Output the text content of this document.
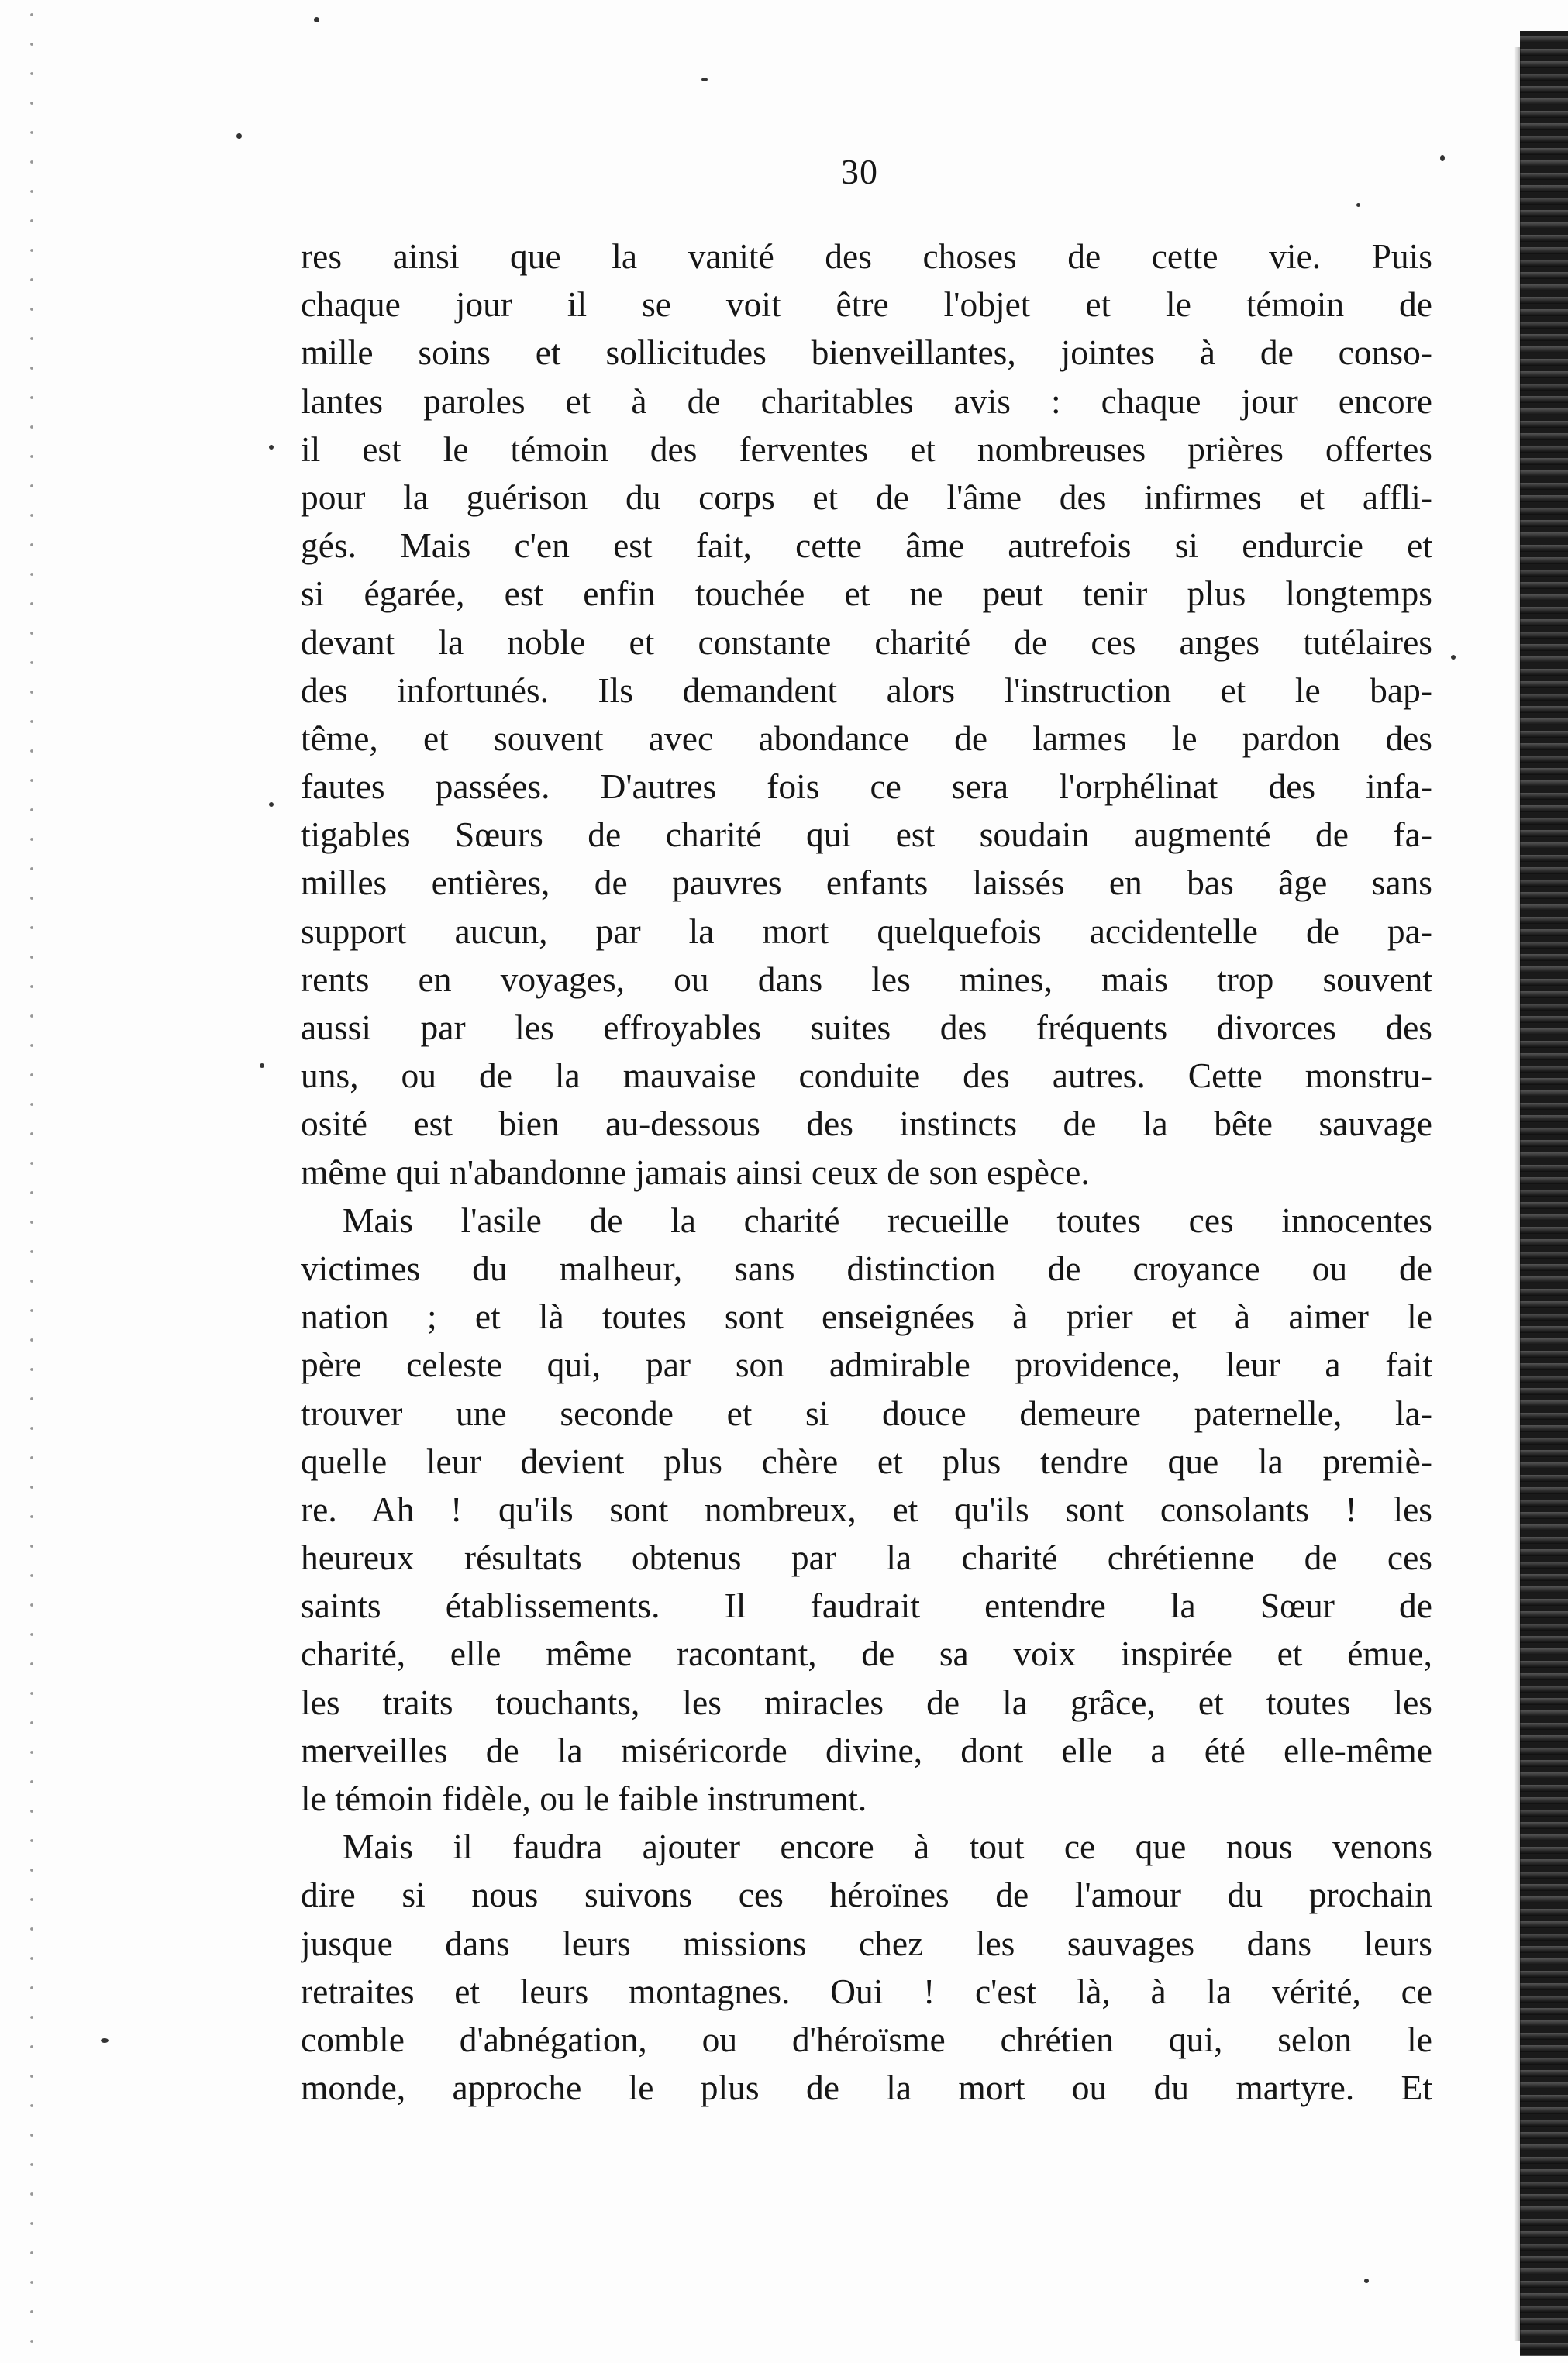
30
res ainsi que la vanité des choses de cette vie. Puis
chaque jour il se voit être l'objet et le témoin de
mille soins et sollicitudes bienveillantes, jointes à de conso-
lantes paroles et à de charitables avis : chaque jour encore
il est le témoin des ferventes et nombreuses prières offertes
pour la guérison du corps et de l'âme des infirmes et affli-
gés. Mais c'en est fait, cette âme autrefois si endurcie et
si égarée, est enfin touchée et ne peut tenir plus longtemps
devant la noble et constante charité de ces anges tutélaires
des infortunés. Ils demandent alors l'instruction et le bap-
tême, et souvent avec abondance de larmes le pardon des
fautes passées. D'autres fois ce sera l'orphélinat des infa-
tigables Sœurs de charité qui est soudain augmenté de fa-
milles entières, de pauvres enfants laissés en bas âge sans
support aucun, par la mort quelquefois accidentelle de pa-
rents en voyages, ou dans les mines, mais trop souvent
aussi par les effroyables suites des fréquents divorces des
uns, ou de la mauvaise conduite des autres. Cette monstru-
osité est bien au-dessous des instincts de la bête sauvage
même qui n'abandonne jamais ainsi ceux de son espèce.
Mais l'asile de la charité recueille toutes ces innocentes
victimes du malheur, sans distinction de croyance ou de
nation ; et là toutes sont enseignées à prier et à aimer le
père celeste qui, par son admirable providence, leur a fait
trouver une seconde et si douce demeure paternelle, la-
quelle leur devient plus chère et plus tendre que la premiè-
re. Ah ! qu'ils sont nombreux, et qu'ils sont consolants ! les
heureux résultats obtenus par la charité chrétienne de ces
saints établissements. Il faudrait entendre la Sœur de
charité, elle même racontant, de sa voix inspirée et émue,
les traits touchants, les miracles de la grâce, et toutes les
merveilles de la miséricorde divine, dont elle a été elle-même
le témoin fidèle, ou le faible instrument.
Mais il faudra ajouter encore à tout ce que nous venons
dire si nous suivons ces héroïnes de l'amour du prochain
jusque dans leurs missions chez les sauvages dans leurs
retraites et leurs montagnes. Oui ! c'est là, à la vérité, ce
comble d'abnégation, ou d'héroïsme chrétien qui, selon le
monde, approche le plus de la mort ou du martyre. Et
